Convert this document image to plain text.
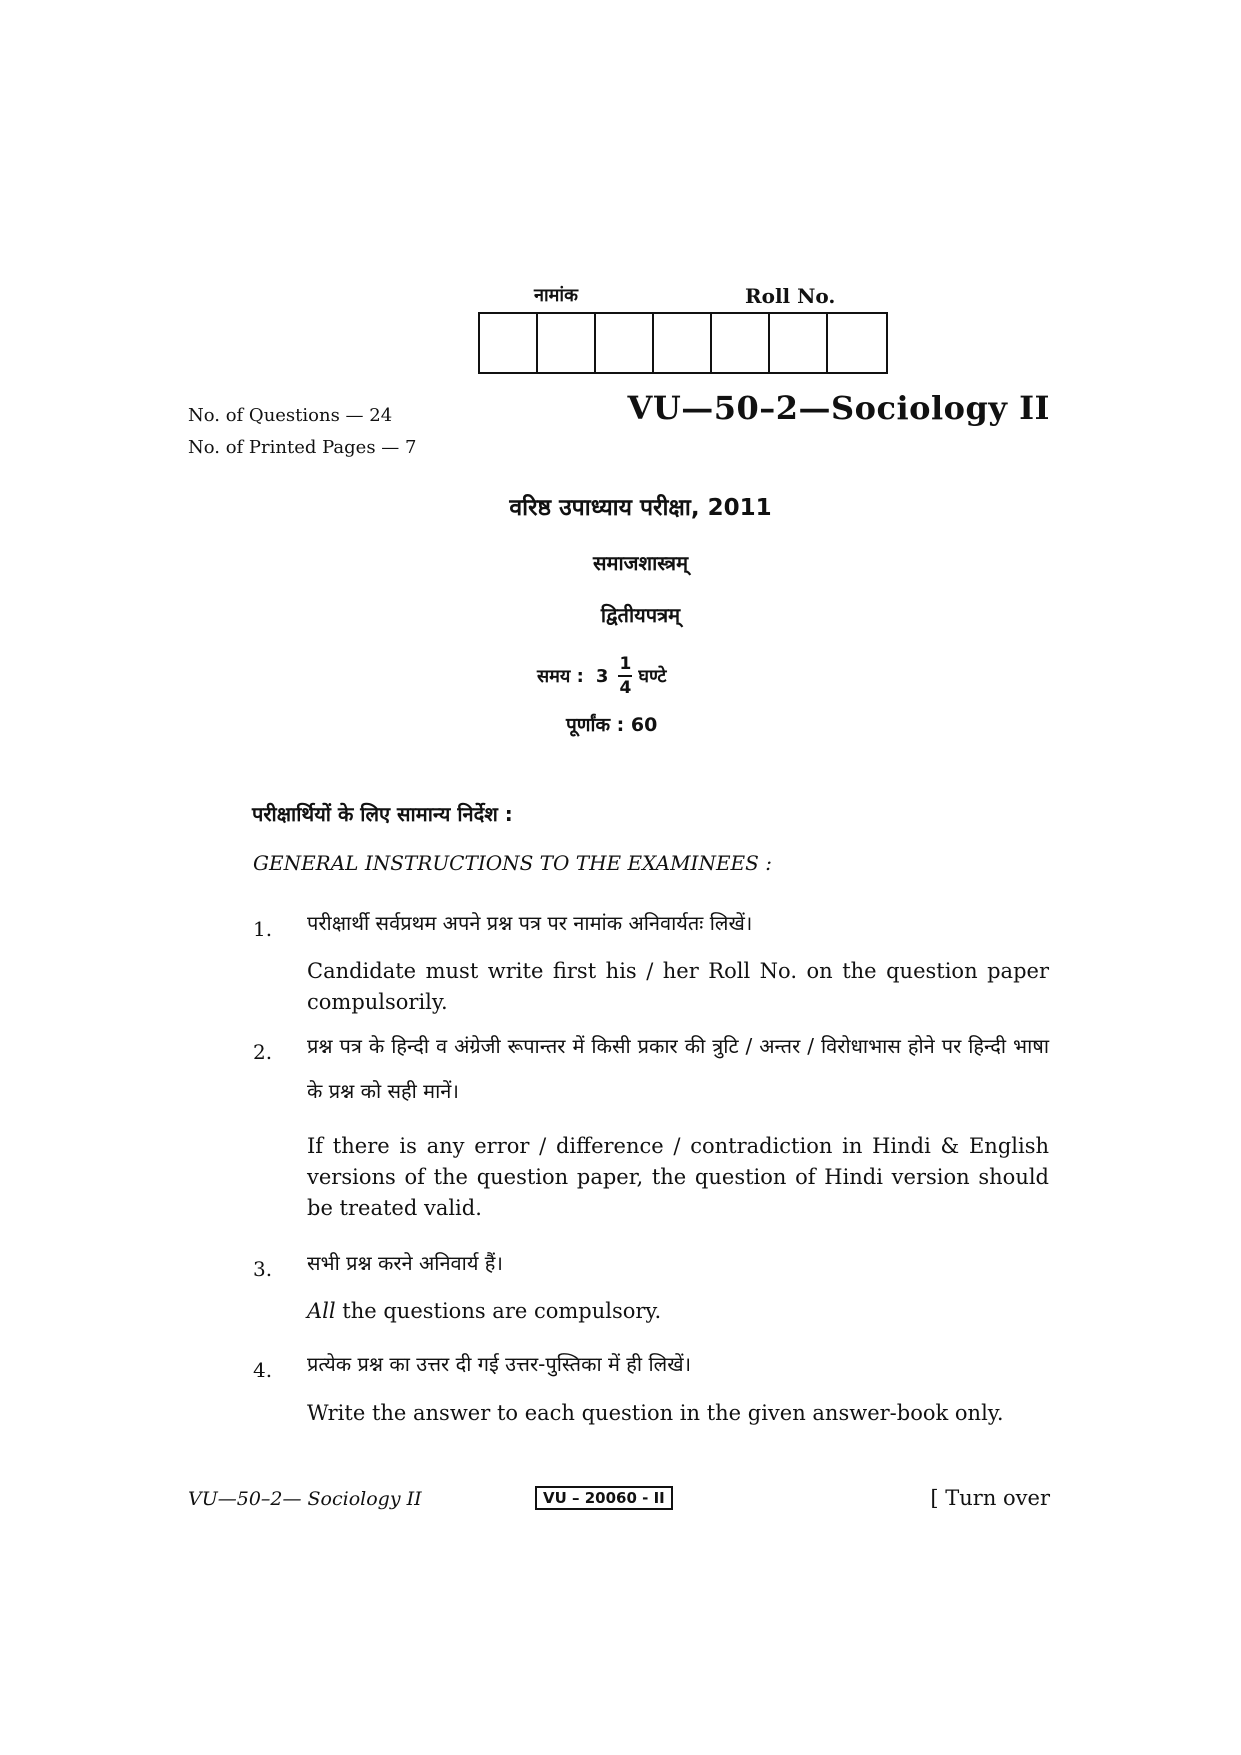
नामांक	Roll No.
No. of Questions — 24
No. of Printed Pages — 7
VU—50–2—Sociology II
वरिष्ठ उपाध्याय परीक्षा, 2011
समाजशास्त्रम्
द्वितीयपत्रम्
समय : $3 \frac{1}{4}$ घण्टे
पूर्णांक : 60
परीक्षार्थियों के लिए सामान्य निर्देश :
GENERAL INSTRUCTIONS TO THE EXAMINEES :
1. परीक्षार्थी सर्वप्रथम अपने प्रश्न पत्र पर नामांक अनिवार्यतः लिखें।
Candidate must write first his / her Roll No. on the question paper compulsorily.
2. प्रश्न पत्र के हिन्दी व अंग्रेजी रूपान्तर में किसी प्रकार की त्रुटि / अन्तर / विरोधाभास होने पर हिन्दी भाषा के प्रश्न को सही मानें।
If there is any error / difference / contradiction in Hindi & English versions of the question paper, the question of Hindi version should be treated valid.
3. सभी प्रश्न करने अनिवार्य हैं।
All the questions are compulsory.
4. प्रत्येक प्रश्न का उत्तर दी गई उत्तर-पुस्तिका में ही लिखें।
Write the answer to each question in the given answer-book only.
VU—50–2— Sociology II	VU – 20060 - II	[ Turn over
